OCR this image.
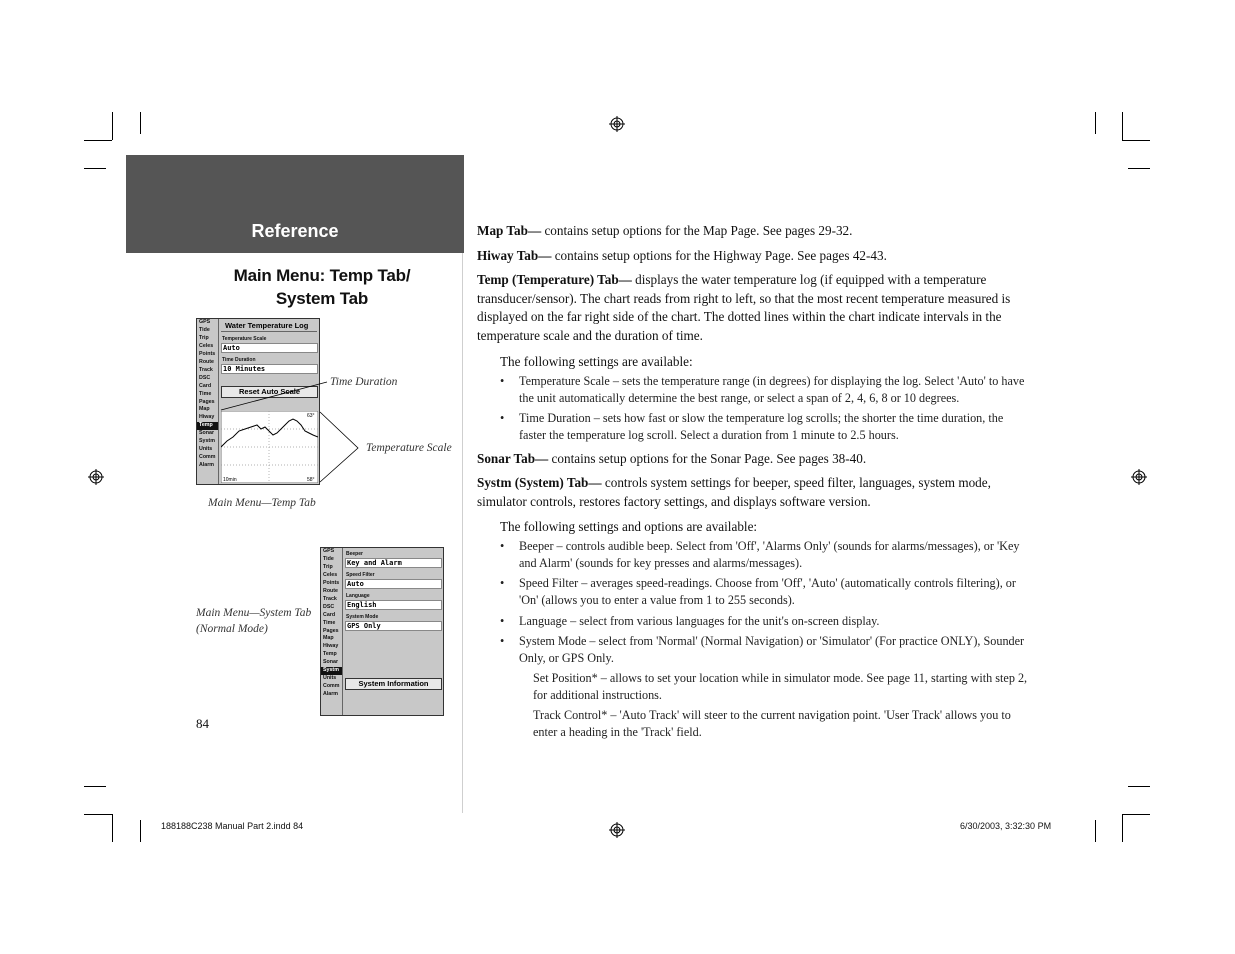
Reference
Main Menu: Temp Tab/
System Tab
GPS
Tide
Trip
Celes
Points
Route
Track
DSC
Card
Time
Pages
Map
Hiway
Temp
Sonar
Systm
Units
Comm
Alarm
Water Temperature Log
Temperature Scale
Auto
Time Duration
10 Minutes
Reset Auto Scale
63°
58°
10min
Time Duration
Temperature Scale
Main Menu—Temp Tab
GPS
Tide
Trip
Celes
Points
Route
Track
DSC
Card
Time
Pages
Map
Hiway
Temp
Sonar
Systm
Units
Comm
Alarm
Beeper
Key and Alarm
Speed Filter
Auto
Language
English
System Mode
GPS Only
System Information
Main Menu—System Tab
(Normal Mode)
84
Map Tab— contains setup options for the Map Page. See pages 29-32.
Hiway Tab— contains setup options for the Highway Page. See pages 42-43.
Temp (Temperature) Tab— displays the water temperature log (if equipped with a temperature transducer/sensor). The chart reads from right to left, so that the most recent temperature measured is displayed on the far right side of the chart. The dotted lines within the chart indicate intervals in the temperature scale and the duration of time.
The following settings are available:
• Temperature Scale – sets the temperature range (in degrees) for displaying the log. Select 'Auto' to have the unit automatically determine the best range, or select a span of 2, 4, 6, 8 or 10 degrees.
• Time Duration – sets how fast or slow the temperature log scrolls; the shorter the time duration, the faster the temperature log scroll. Select a duration from 1 minute to 2.5 hours.
Sonar Tab— contains setup options for the Sonar Page. See pages 38-40.
Systm (System) Tab— controls system settings for beeper, speed filter, languages, system mode, simulator controls, restores factory settings, and displays software version.
The following settings and options are available:
• Beeper – controls audible beep. Select from 'Off', 'Alarms Only' (sounds for alarms/messages), or 'Key and Alarm' (sounds for key presses and alarms/messages).
• Speed Filter – averages speed-readings. Choose from 'Off', 'Auto' (automatically controls filtering), or 'On' (allows you to enter a value from 1 to 255 seconds).
• Language – select from various languages for the unit's on-screen display.
• System Mode – select from 'Normal' (Normal Navigation) or 'Simulator' (For practice ONLY), Sounder Only, or GPS Only.
Set Position* – allows to set your location while in simulator mode. See page 11, starting with step 2, for additional instructions.
Track Control* – 'Auto Track' will steer to the current navigation point. 'User Track' allows you to enter a heading in the 'Track' field.
188188C238 Manual Part 2.indd 84	6/30/2003, 3:32:30 PM
